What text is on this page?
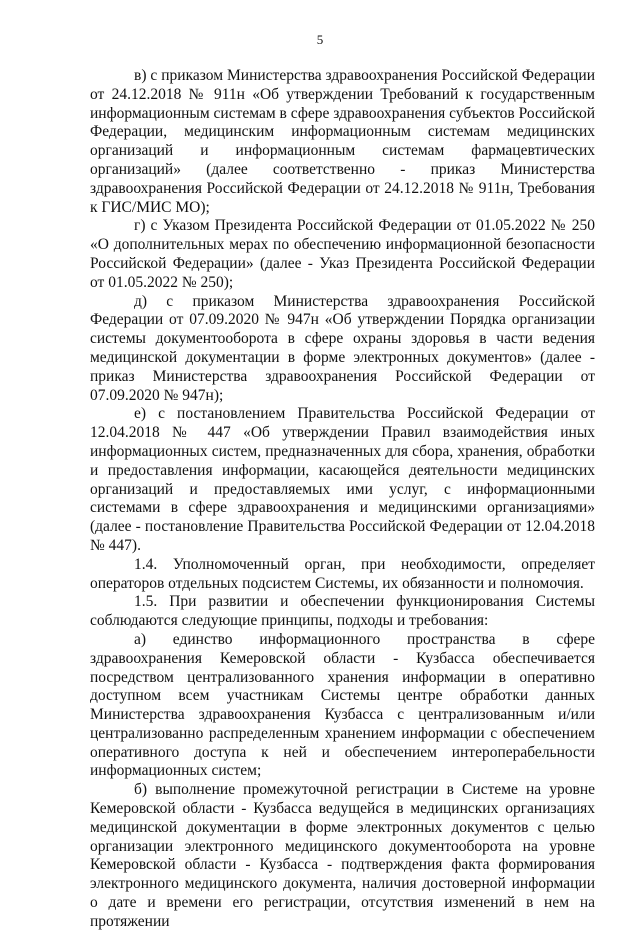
5

в) с приказом Министерства здравоохранения Российской Федерации от 24.12.2018 № 911н «Об утверждении Требований к государственным информационным системам в сфере здравоохранения субъектов Российской Федерации, медицинским информационным системам медицинских организаций и информационным системам фармацевтических организаций» (далее соответственно - приказ Министерства здравоохранения Российской Федерации от 24.12.2018 № 911н, Требования к ГИС/МИС МО);

г) с Указом Президента Российской Федерации от 01.05.2022 № 250 «О дополнительных мерах по обеспечению информационной безопасности Российской Федерации» (далее - Указ Президента Российской Федерации от 01.05.2022 № 250);

д) с приказом Министерства здравоохранения Российской Федерации от 07.09.2020 № 947н «Об утверждении Порядка организации системы документооборота в сфере охраны здоровья в части ведения медицинской документации в форме электронных документов» (далее - приказ Министерства здравоохранения Российской Федерации от 07.09.2020 № 947н);

е) с постановлением Правительства Российской Федерации от 12.04.2018 № 447 «Об утверждении Правил взаимодействия иных информационных систем, предназначенных для сбора, хранения, обработки и предоставления информации, касающейся деятельности медицинских организаций и предоставляемых ими услуг, с информационными системами в сфере здравоохранения и медицинскими организациями» (далее - постановление Правительства Российской Федерации от 12.04.2018 № 447).

1.4. Уполномоченный орган, при необходимости, определяет операторов отдельных подсистем Системы, их обязанности и полномочия.

1.5. При развитии и обеспечении функционирования Системы соблюдаются следующие принципы, подходы и требования:

а) единство информационного пространства в сфере здравоохранения Кемеровской области - Кузбасса обеспечивается посредством централизованного хранения информации в оперативно доступном всем участникам Системы центре обработки данных Министерства здравоохранения Кузбасса с централизованным и/или централизованно распределенным хранением информации с обеспечением оперативного доступа к ней и обеспечением интероперабельности информационных систем;

б) выполнение промежуточной регистрации в Системе на уровне Кемеровской области - Кузбасса ведущейся в медицинских организациях медицинской документации в форме электронных документов с целью организации электронного медицинского документооборота на уровне Кемеровской области - Кузбасса - подтверждения факта формирования электронного медицинского документа, наличия достоверной информации о дате и времени его регистрации, отсутствия изменений в нем на протяжении
